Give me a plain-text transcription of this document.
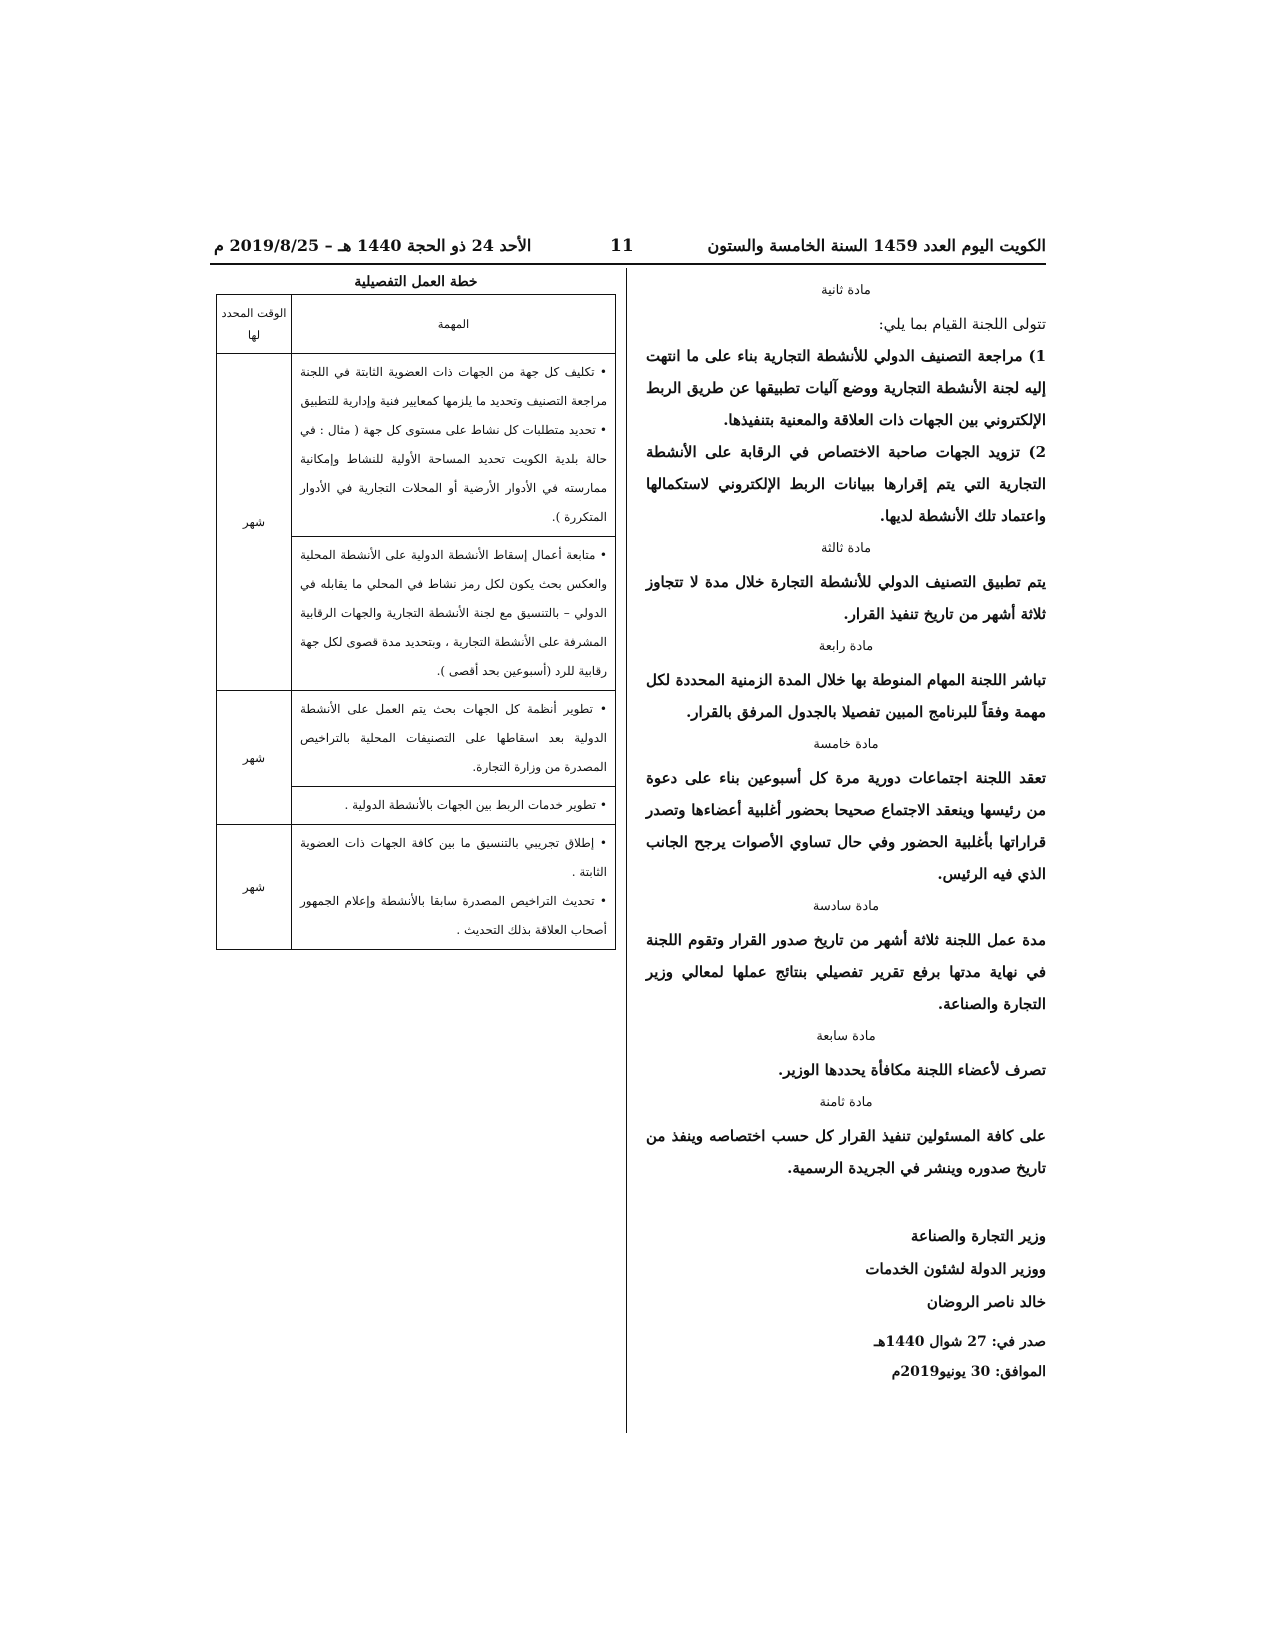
الكويت اليوم العدد 1459 السنة الخامسة والستون
11
الأحد 24 ذو الحجة 1440 هـ – 2019/8/25 م

مادة ثانية

تتولى اللجنة القيام بما يلي:

1) مراجعة التصنيف الدولي للأنشطة التجارية بناء على ما انتهت إليه لجنة الأنشطة التجارية ووضع آليات تطبيقها عن طريق الربط الإلكتروني بين الجهات ذات العلاقة والمعنية بتنفيذها.

2) تزويد الجهات صاحبة الاختصاص في الرقابة على الأنشطة التجارية التي يتم إقرارها ببيانات الربط الإلكتروني لاستكمالها واعتماد تلك الأنشطة لديها.

مادة ثالثة

يتم تطبيق التصنيف الدولي للأنشطة التجارة خلال مدة لا تتجاوز ثلاثة أشهر من تاريخ تنفيذ القرار.

مادة رابعة

تباشر اللجنة المهام المنوطة بها خلال المدة الزمنية المحددة لكل مهمة وفقاً للبرنامج المبين تفصيلا بالجدول المرفق بالقرار.

مادة خامسة

تعقد اللجنة اجتماعات دورية مرة كل أسبوعين بناء على دعوة من رئيسها وينعقد الاجتماع صحيحا بحضور أغلبية أعضاءها وتصدر قراراتها بأغلبية الحضور وفي حال تساوي الأصوات يرجح الجانب الذي فيه الرئيس.

مادة سادسة

مدة عمل اللجنة ثلاثة أشهر من تاريخ صدور القرار وتقوم اللجنة في نهاية مدتها برفع تقرير تفصيلي بنتائج عملها لمعالي وزير التجارة والصناعة.

مادة سابعة

تصرف لأعضاء اللجنة مكافأة يحددها الوزير.

مادة ثامنة

على كافة المسئولين تنفيذ القرار كل حسب اختصاصه وينفذ من تاريخ صدوره وينشر في الجريدة الرسمية.

وزير التجارة والصناعة

ووزير الدولة لشئون الخدمات

خالد ناصر الروضان

صدر في: 27 شوال 1440هـ

الموافق: 30 يونيو2019م

خطة العمل التفصيلية
المهمة	الوقت المحدد لها

• تكليف كل جهة من الجهات ذات العضوية الثابتة في اللجنة مراجعة التصنيف وتحديد ما يلزمها كمعايير فنية وإدارية للتطبيق
• تحديد متطلبات كل نشاط على مستوى كل جهة ( مثال : في حالة بلدية الكويت تحديد المساحة الأولية للنشاط وإمكانية ممارسته في الأدوار الأرضية أو المحلات التجارية في الأدوار المتكررة ).	شهر

• متابعة أعمال إسقاط الأنشطة الدولية على الأنشطة المحلية والعكس بحث يكون لكل رمز نشاط في المحلي ما يقابله في الدولي – بالتنسيق مع لجنة الأنشطة التجارية والجهات الرقابية المشرفة على الأنشطة التجارية ، وبتحديد مدة قصوى لكل جهة رقابية للرد (أسبوعين بحد أقصى ).	

• تطوير أنظمة كل الجهات بحث يتم العمل على الأنشطة الدولية بعد اسقاطها على التصنيفات المحلية بالتراخيص المصدرة من وزارة التجارة.	شهر

• تطوير خدمات الربط بين الجهات بالأنشطة الدولية .	

• إطلاق تجريبي بالتنسيق ما بين كافة الجهات ذات العضوية الثابتة .
• تحديث التراخيص المصدرة سابقا بالأنشطة وإعلام الجمهور أصحاب العلاقة بذلك التحديث .	شهر
